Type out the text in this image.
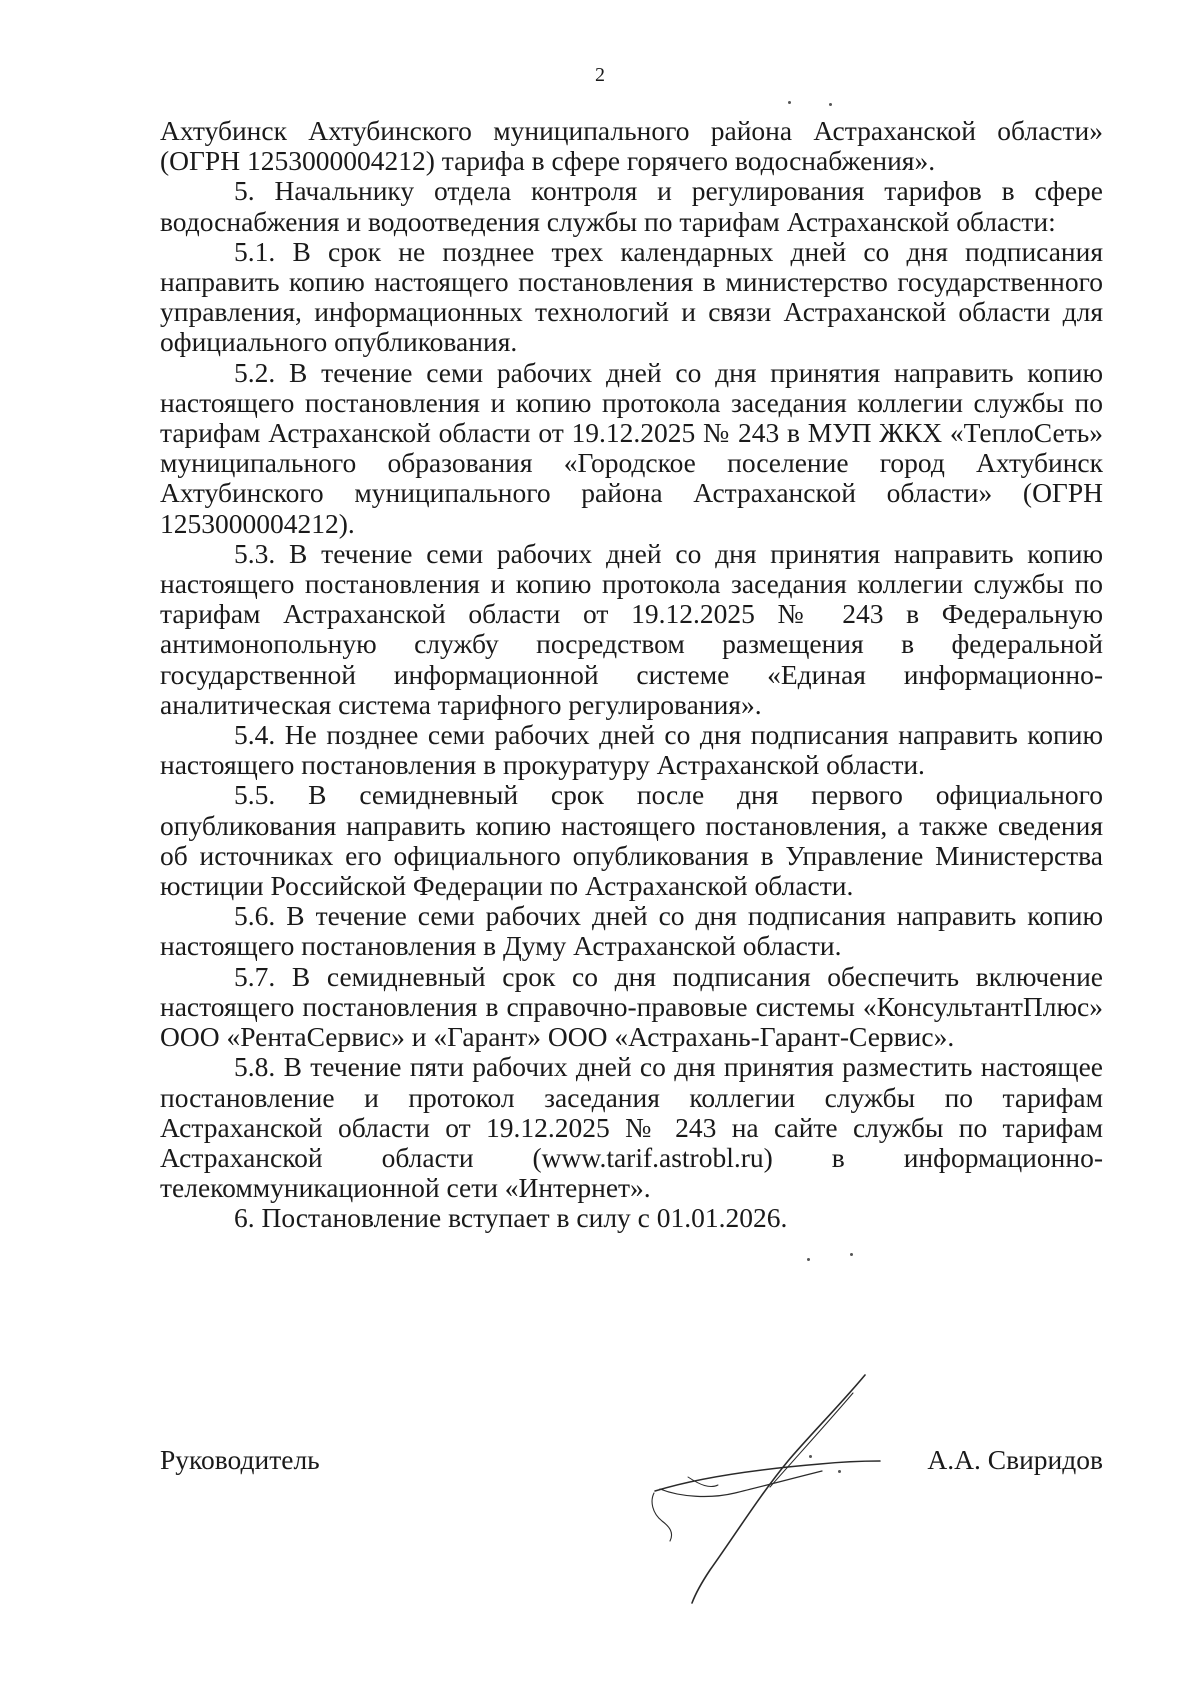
2

Ахтубинск Ахтубинского муниципального района Астраханской области» (ОГРН 1253000004212) тарифа в сфере горячего водоснабжения».

5. Начальнику отдела контроля и регулирования тарифов в сфере водоснабжения и водоотведения службы по тарифам Астраханской области:

5.1. В срок не позднее трех календарных дней со дня подписания направить копию настоящего постановления в министерство государственного управления, информационных технологий и связи Астраханской области для официального опубликования.

5.2. В течение семи рабочих дней со дня принятия направить копию настоящего постановления и копию протокола заседания коллегии службы по тарифам Астраханской области от 19.12.2025 № 243 в МУП ЖКХ «ТеплоСеть» муниципального образования «Городское поселение город Ахтубинск Ахтубинского муниципального района Астраханской области» (ОГРН 1253000004212).

5.3. В течение семи рабочих дней со дня принятия направить копию настоящего постановления и копию протокола заседания коллегии службы по тарифам Астраханской области от 19.12.2025 № 243 в Федеральную антимонопольную службу посредством размещения в федеральной государственной информационной системе «Единая информационно-аналитическая система тарифного регулирования».

5.4. Не позднее семи рабочих дней со дня подписания направить копию настоящего постановления в прокуратуру Астраханской области.

5.5. В семидневный срок после дня первого официального опубликования направить копию настоящего постановления, а также сведения об источниках его официального опубликования в Управление Министерства юстиции Российской Федерации по Астраханской области.

5.6. В течение семи рабочих дней со дня подписания направить копию настоящего постановления в Думу Астраханской области.

5.7. В семидневный срок со дня подписания обеспечить включение настоящего постановления в справочно-правовые системы «КонсультантПлюс» ООО «РентаСервис» и «Гарант» ООО «Астрахань-Гарант-Сервис».

5.8. В течение пяти рабочих дней со дня принятия разместить настоящее постановление и протокол заседания коллегии службы по тарифам Астраханской области от 19.12.2025 № 243 на сайте службы по тарифам Астраханской области (www.tarif.astrobl.ru) в информационно-телекоммуникационной сети «Интернет».

6. Постановление вступает в силу с 01.01.2026.

Руководитель	А.А. Свиридов
